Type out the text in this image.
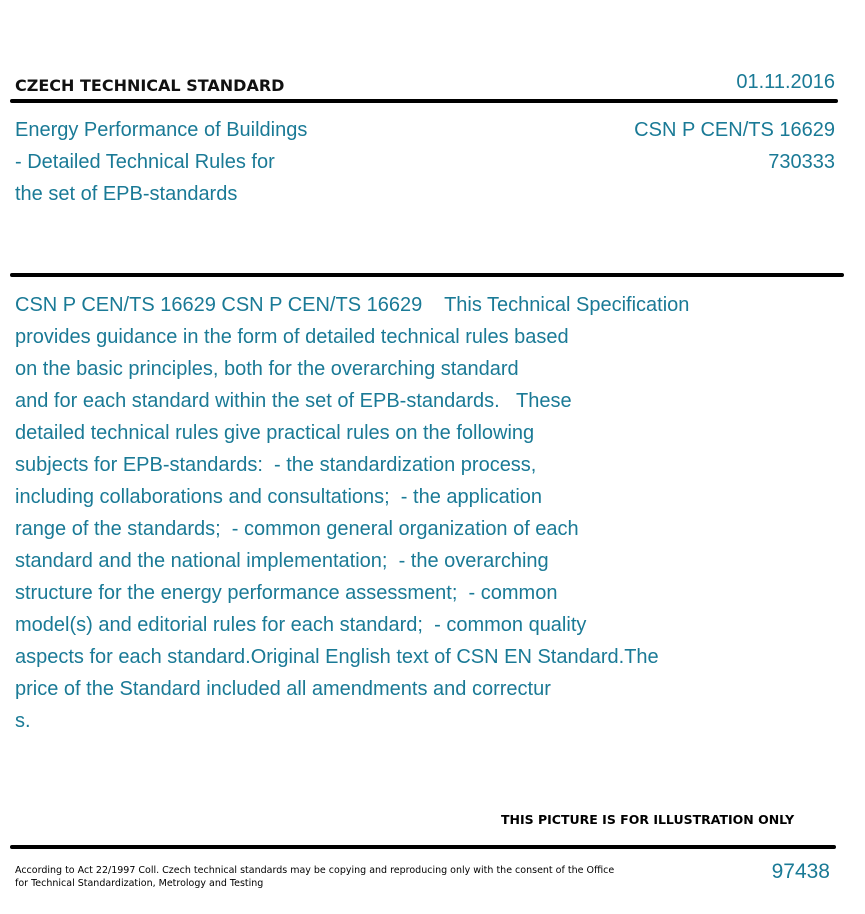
CZECH TECHNICAL STANDARD	01.11.2016
Energy Performance of Buildings
- Detailed Technical Rules for
the set of EPB-standards
CSN P CEN/TS 16629
730333
CSN P CEN/TS 16629 CSN P CEN/TS 16629    This Technical Specification
provides guidance in the form of detailed technical rules based
on the basic principles, both for the overarching standard
and for each standard within the set of EPB-standards.   These
detailed technical rules give practical rules on the following
subjects for EPB-standards:  - the standardization process,
including collaborations and consultations;  - the application
range of the standards;  - common general organization of each
standard and the national implementation;  - the overarching
structure for the energy performance assessment;  - common
model(s) and editorial rules for each standard;  - common quality
aspects for each standard.Original English text of CSN EN Standard.The
price of the Standard included all amendments and correctur
s.
THIS PICTURE IS FOR ILLUSTRATION ONLY
According to Act 22/1997 Coll. Czech technical standards may be copying and reproducing only with the consent of the Office
for Technical Standardization, Metrology and Testing
97438
